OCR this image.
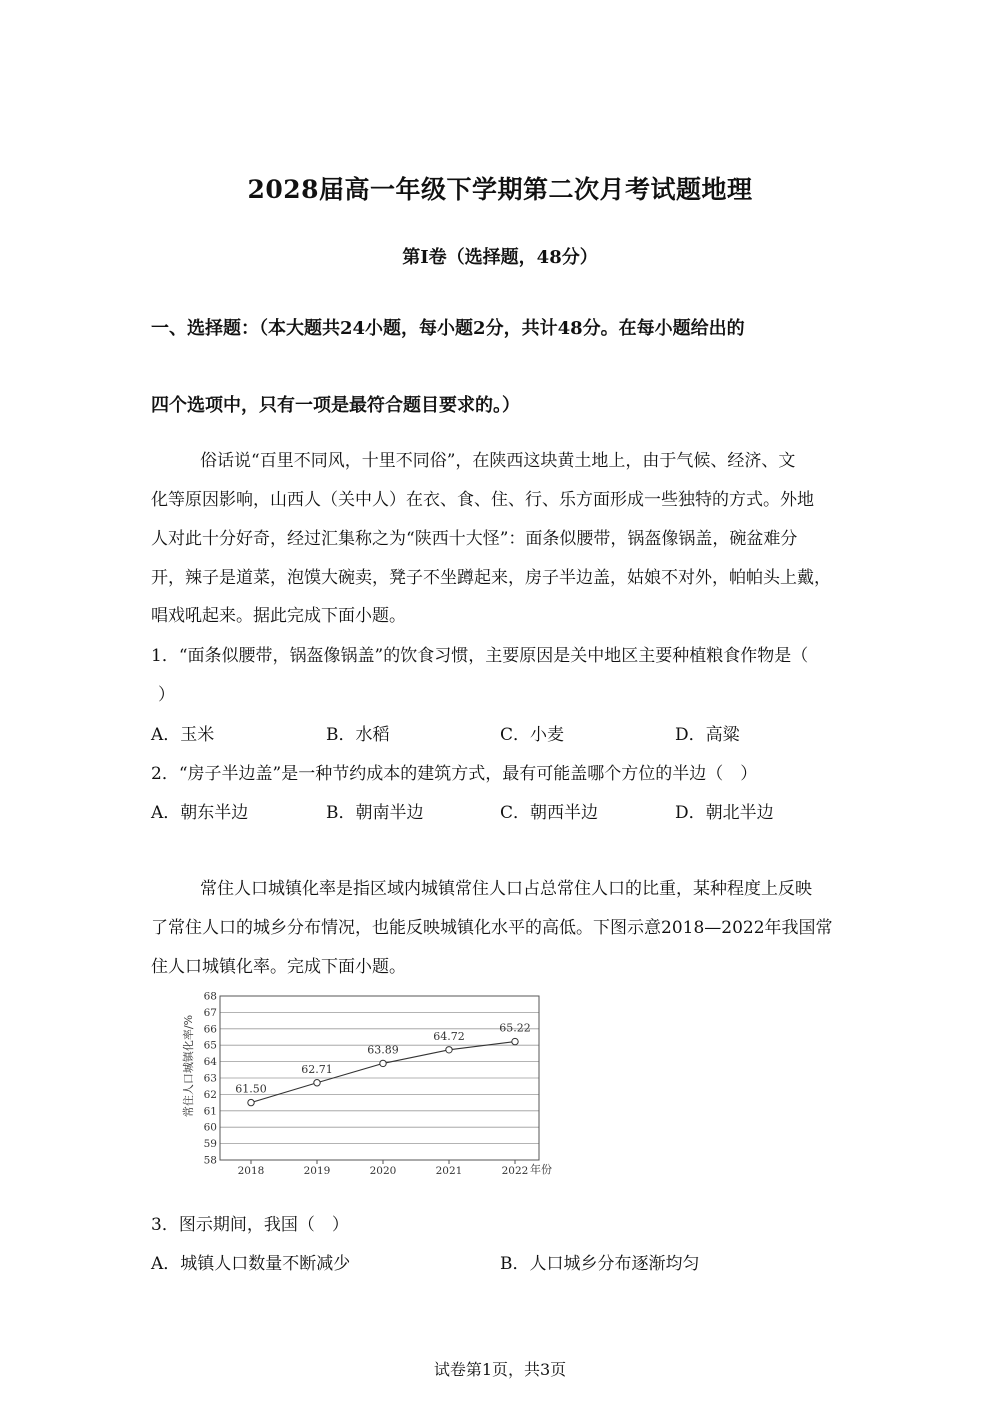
2028届高一年级下学期第二次月考试题地理
第I卷（选择题，48分）
一、选择题：（本大题共24小题，每小题2分，共计48分。在每小题给出的
四个选项中，只有一项是最符合题目要求的。）
俗话说“百里不同风，十里不同俗”，在陕西这块黄土地上，由于气候、经济、文
化等原因影响，山西人（关中人）在衣、食、住、行、乐方面形成一些独特的方式。外地
人对此十分好奇，经过汇集称之为“陕西十大怪”：面条似腰带，锅盔像锅盖，碗盆难分
开，辣子是道菜，泡馍大碗卖，凳子不坐蹲起来，房子半边盖，姑娘不对外，帕帕头上戴，
唱戏吼起来。据此完成下面小题。
1．“面条似腰带，锅盔像锅盖”的饮食习惯，主要原因是关中地区主要种植粮食作物是（
）
A．玉米	B．水稻	C．小麦	D．高粱
2．“房子半边盖”是一种节约成本的建筑方式，最有可能盖哪个方位的半边（　）
A．朝东半边	B．朝南半边	C．朝西半边	D．朝北半边
常住人口城镇化率是指区域内城镇常住人口占总常住人口的比重，某种程度上反映
了常住人口的城乡分布情况，也能反映城镇化水平的高低。下图示意2018—2022年我国常
住人口城镇化率。完成下面小题。
58
59
60
61
62
63
64
65
66
67
68
2018	2019	2020	2021	2022
61.50
62.71
63.89
64.72
65.22
常住人口城镇化率/%
年份
3．图示期间，我国（　）
A．城镇人口数量不断减少	B．人口城乡分布逐渐均匀
试卷第1页，共3页
